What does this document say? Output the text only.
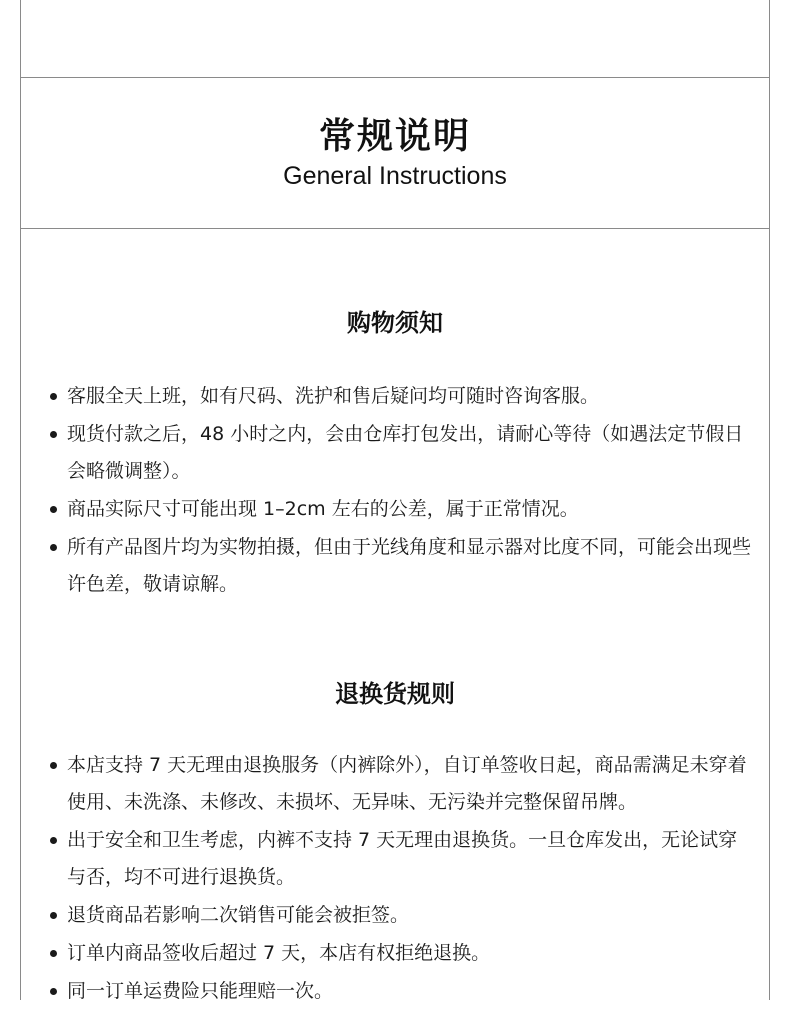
常规说明
General Instructions
购物须知
客服全天上班，如有尺码、洗护和售后疑问均可随时咨询客服。
现货付款之后，48 小时之内，会由仓库打包发出，请耐心等待（如遇法定节假日会略微调整）。
商品实际尺寸可能出现 1–2cm 左右的公差，属于正常情况。
所有产品图片均为实物拍摄，但由于光线角度和显示器对比度不同，可能会出现些许色差，敬请谅解。
退换货规则
本店支持 7 天无理由退换服务（内裤除外），自订单签收日起，商品需满足未穿着使用、未洗涤、未修改、未损坏、无异味、无污染并完整保留吊牌。
出于安全和卫生考虑，内裤不支持 7 天无理由退换货。一旦仓库发出，无论试穿与否，均不可进行退换货。
退货商品若影响二次销售可能会被拒签。
订单内商品签收后超过 7 天，本店有权拒绝退换。
同一订单运费险只能理赔一次。
